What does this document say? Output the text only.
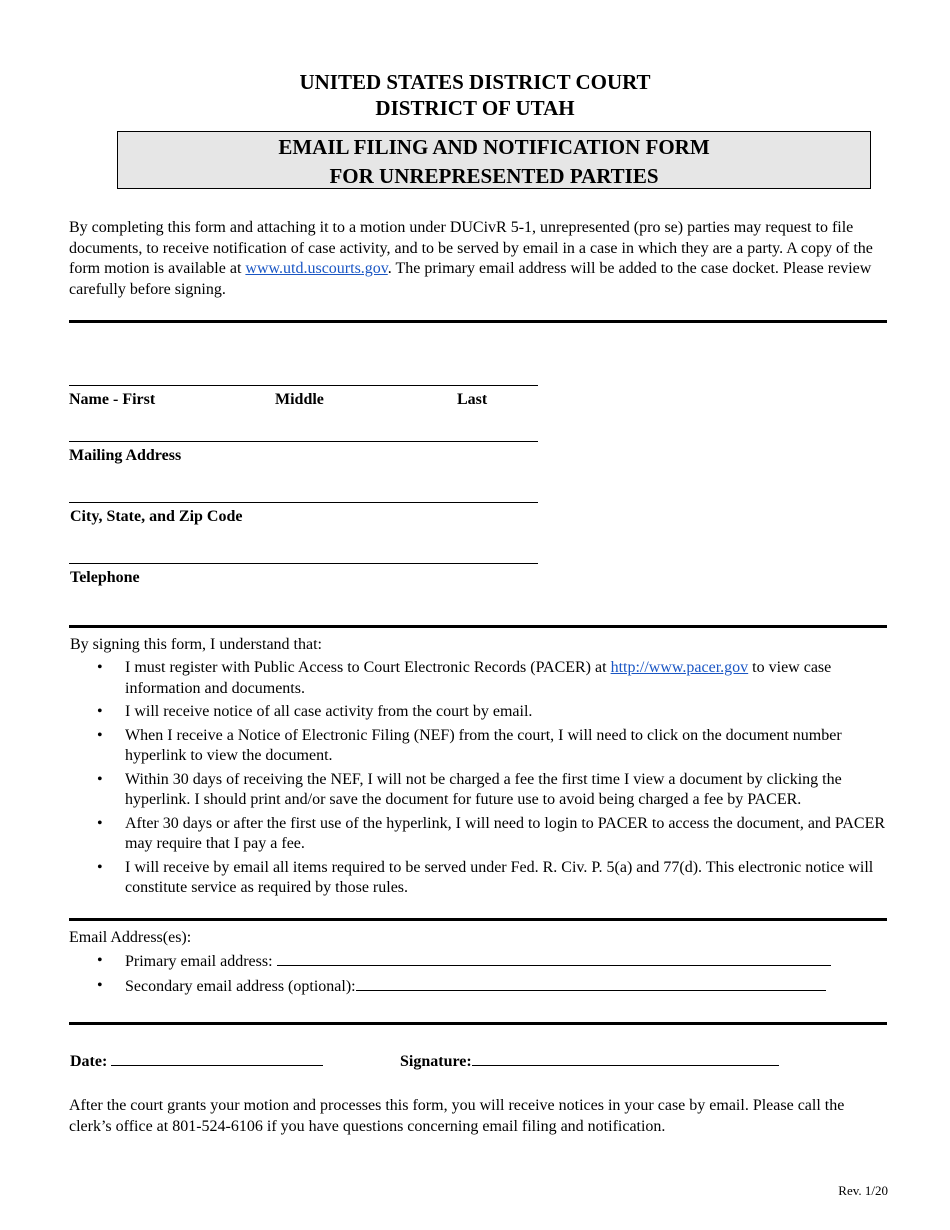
UNITED STATES DISTRICT COURT
DISTRICT OF UTAH
EMAIL FILING AND NOTIFICATION FORM
FOR UNREPRESENTED PARTIES
By completing this form and attaching it to a motion under DUCivR 5-1, unrepresented (pro se) parties may request to file documents, to receive notification of case activity, and to be served by email in a case in which they are a party. A copy of the form motion is available at www.utd.uscourts.gov. The primary email address will be added to the case docket. Please review carefully before signing.
Name - First	Middle	Last
Mailing Address
City, State, and Zip Code
Telephone
By signing this form, I understand that:
• I must register with Public Access to Court Electronic Records (PACER) at http://www.pacer.gov to view case information and documents.
• I will receive notice of all case activity from the court by email.
• When I receive a Notice of Electronic Filing (NEF) from the court, I will need to click on the document number hyperlink to view the document.
• Within 30 days of receiving the NEF, I will not be charged a fee the first time I view a document by clicking the hyperlink. I should print and/or save the document for future use to avoid being charged a fee by PACER.
• After 30 days or after the first use of the hyperlink, I will need to login to PACER to access the document, and PACER may require that I pay a fee.
• I will receive by email all items required to be served under Fed. R. Civ. P. 5(a) and 77(d). This electronic notice will constitute service as required by those rules.
Email Address(es):
• Primary email address:
• Secondary email address (optional):
Date:	Signature:
After the court grants your motion and processes this form, you will receive notices in your case by email. Please call the clerk’s office at 801-524-6106 if you have questions concerning email filing and notification.
Rev. 1/20
